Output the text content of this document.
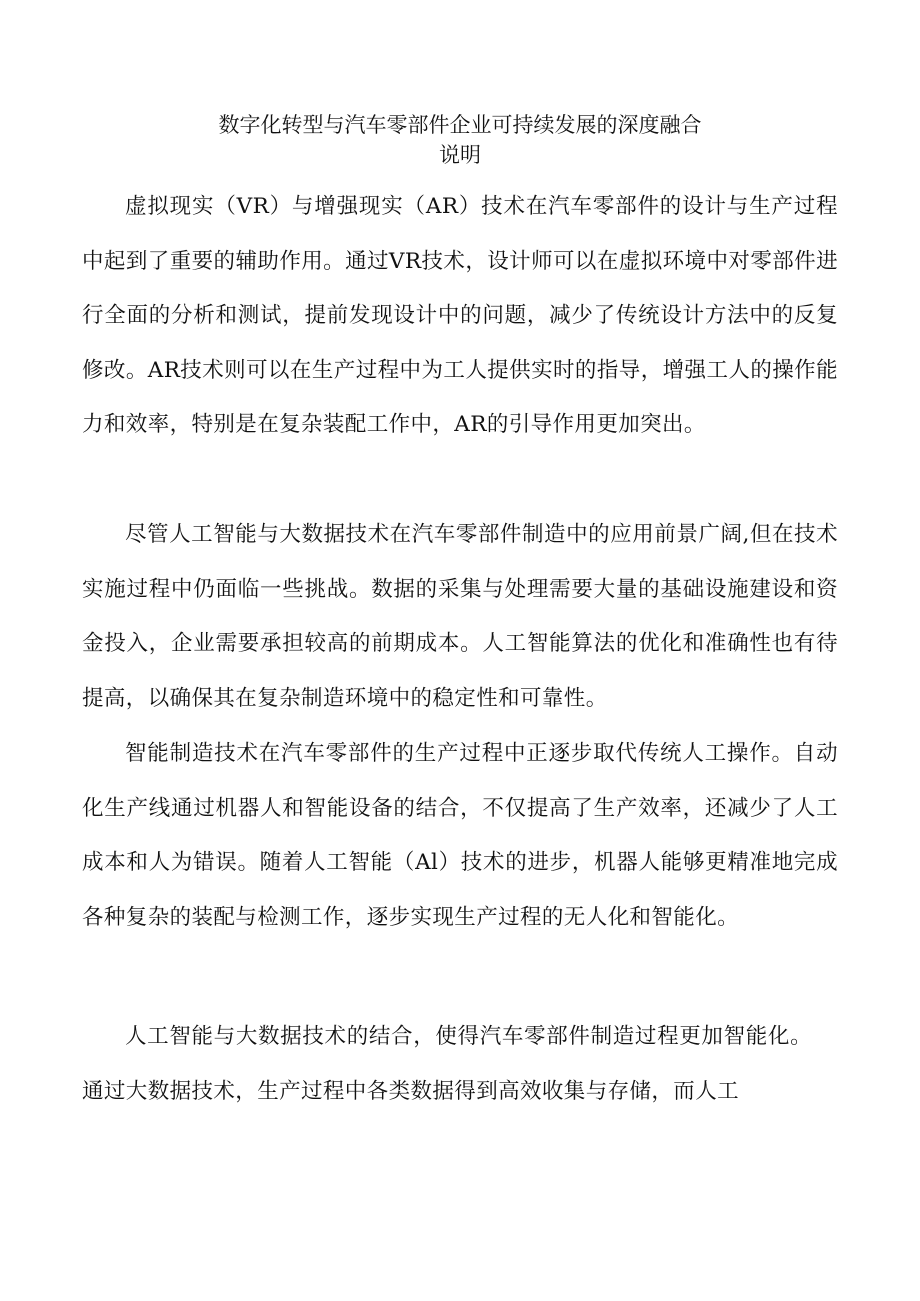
数字化转型与汽车零部件企业可持续发展的深度融合
说明

虚拟现实（VR）与增强现实（AR）技术在汽车零部件的设计与生产过程中起到了重要的辅助作用。通过VR技术，设计师可以在虚拟环境中对零部件进行全面的分析和测试，提前发现设计中的问题，减少了传统设计方法中的反复修改。AR技术则可以在生产过程中为工人提供实时的指导，增强工人的操作能力和效率，特别是在复杂装配工作中，AR的引导作用更加突出。

尽管人工智能与大数据技术在汽车零部件制造中的应用前景广阔,但在技术实施过程中仍面临一些挑战。数据的采集与处理需要大量的基础设施建设和资金投入，企业需要承担较高的前期成本。人工智能算法的优化和准确性也有待提高，以确保其在复杂制造环境中的稳定性和可靠性。

智能制造技术在汽车零部件的生产过程中正逐步取代传统人工操作。自动化生产线通过机器人和智能设备的结合，不仅提高了生产效率，还减少了人工成本和人为错误。随着人工智能（Al）技术的进步，机器人能够更精准地完成各种复杂的装配与检测工作，逐步实现生产过程的无人化和智能化。

人工智能与大数据技术的结合，使得汽车零部件制造过程更加智能化。通过大数据技术，生产过程中各类数据得到高效收集与存储，而人工
